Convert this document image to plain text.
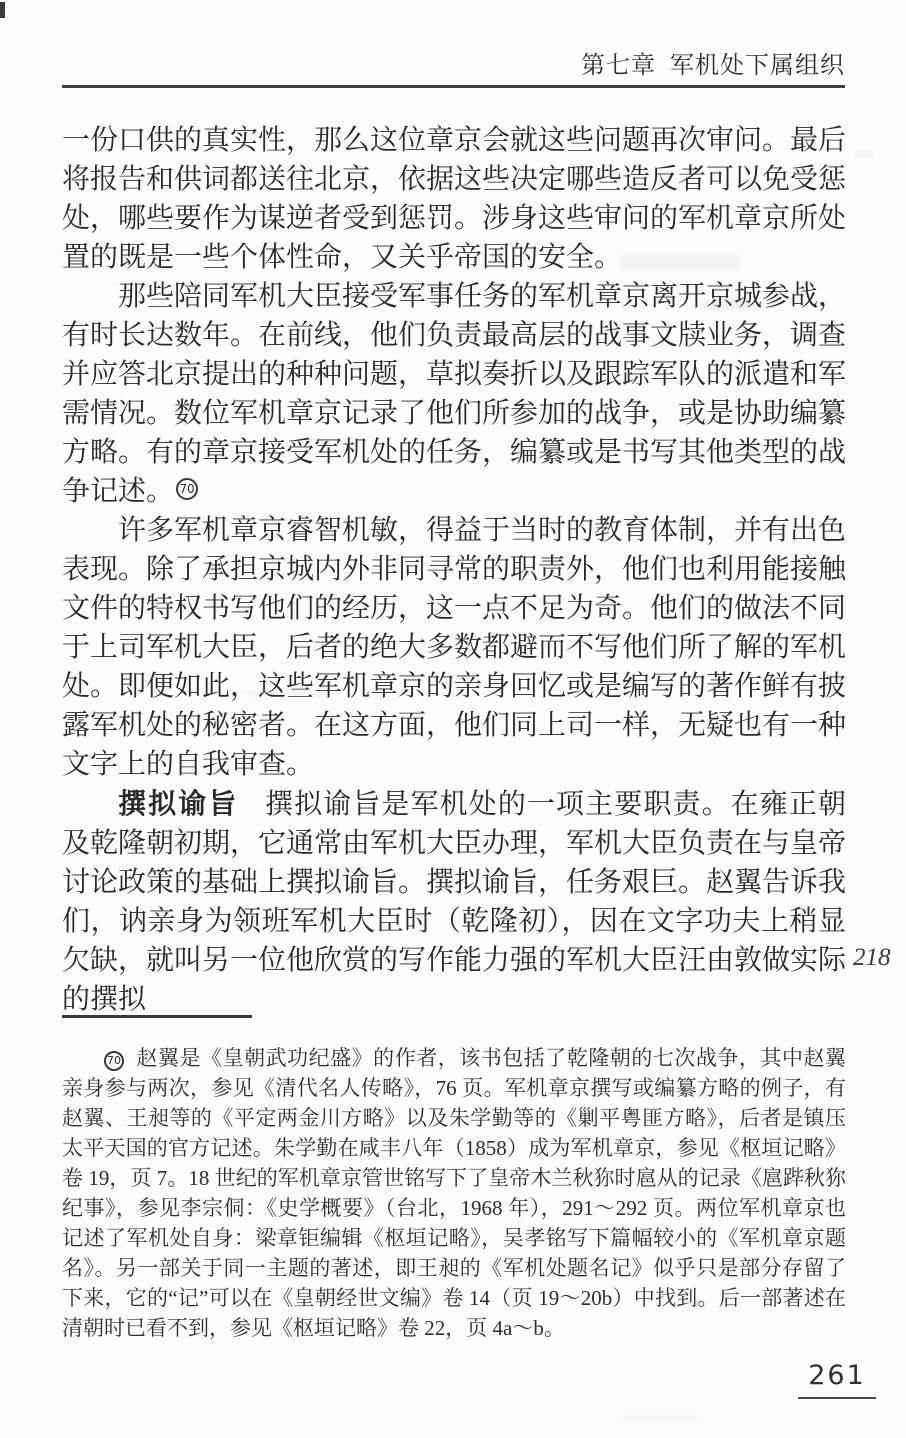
第七章 军机处下属组织

一份口供的真实性，那么这位章京会就这些问题再次审问。最后将报告和供词都送往北京，依据这些决定哪些造反者可以免受惩处，哪些要作为谋逆者受到惩罚。涉身这些审问的军机章京所处置的既是一些个体性命，又关乎帝国的安全。

那些陪同军机大臣接受军事任务的军机章京离开京城参战，有时长达数年。在前线，他们负责最高层的战事文牍业务，调查并应答北京提出的种种问题，草拟奏折以及跟踪军队的派遣和军需情况。数位军机章京记录了他们所参加的战争，或是协助编纂方略。有的章京接受军机处的任务，编纂或是书写其他类型的战争记述。 70

许多军机章京睿智机敏，得益于当时的教育体制，并有出色表现。除了承担京城内外非同寻常的职责外，他们也利用能接触文件的特权书写他们的经历，这一点不足为奇。他们的做法不同于上司军机大臣，后者的绝大多数都避而不写他们所了解的军机处。即便如此，这些军机章京的亲身回忆或是编写的著作鲜有披露军机处的秘密者。在这方面，他们同上司一样，无疑也有一种文字上的自我审查。

撰拟谕旨 撰拟谕旨是军机处的一项主要职责。在雍正朝及乾隆朝初期，它通常由军机大臣办理，军机大臣负责在与皇帝讨论政策的基础上撰拟谕旨。撰拟谕旨，任务艰巨。赵翼告诉我们，讷亲身为领班军机大臣时（乾隆初），因在文字功夫上稍显欠缺，就叫另一位他欣赏的写作能力强的军机大臣汪由敦做实际的撰拟

218

70 赵翼是《皇朝武功纪盛》的作者，该书包括了乾隆朝的七次战争，其中赵翼亲身参与两次，参见《清代名人传略》，76 页。军机章京撰写或编纂方略的例子，有赵翼、王昶等的《平定两金川方略》以及朱学勤等的《剿平粤匪方略》，后者是镇压太平天国的官方记述。朱学勤在咸丰八年（1858）成为军机章京，参见《枢垣记略》卷 19，页 7。18 世纪的军机章京管世铭写下了皇帝木兰秋狝时扈从的记录《扈跸秋狝纪事》，参见李宗侗：《史学概要》（台北，1968 年），291～292 页。两位军机章京也记述了军机处自身：梁章钜编辑《枢垣记略》，吴孝铭写下篇幅较小的《军机章京题名》。另一部关于同一主题的著述，即王昶的《军机处题名记》似乎只是部分存留了下来，它的“记”可以在《皇朝经世文编》卷 14（页 19～20b）中找到。后一部著述在清朝时已看不到，参见《枢垣记略》卷 22，页 4a～b。

261
